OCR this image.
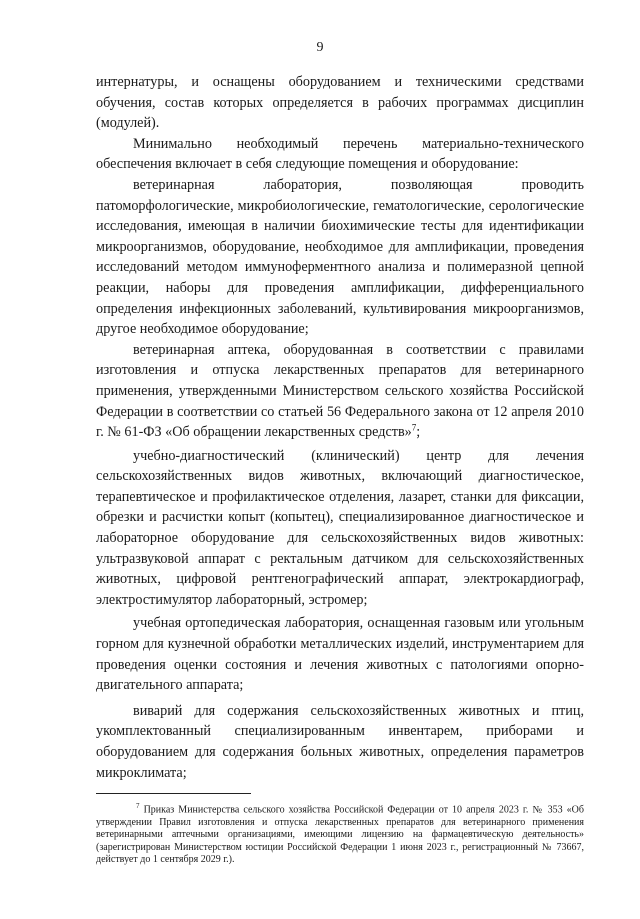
9

интернатуры, и оснащены оборудованием и техническими средствами обучения, состав которых определяется в рабочих программах дисциплин (модулей).

Минимально необходимый перечень материально-технического обеспечения включает в себя следующие помещения и оборудование:

ветеринарная лаборатория, позволяющая проводить патоморфологические, микробиологические, гематологические, серологические исследования, имеющая в наличии биохимические тесты для идентификации микроорганизмов, оборудование, необходимое для амплификации, проведения исследований методом иммуноферментного анализа и полимеразной цепной реакции, наборы для проведения амплификации, дифференциального определения инфекционных заболеваний, культивирования микроорганизмов, другое необходимое оборудование;

ветеринарная аптека, оборудованная в соответствии с правилами изготовления и отпуска лекарственных препаратов для ветеринарного применения, утвержденными Министерством сельского хозяйства Российской Федерации в соответствии со статьей 56 Федерального закона от 12 апреля 2010 г. № 61-ФЗ «Об обращении лекарственных средств»$^7$;

учебно-диагностический (клинический) центр для лечения сельскохозяйственных видов животных, включающий диагностическое, терапевтическое и профилактическое отделения, лазарет, станки для фиксации, обрезки и расчистки копыт (копытец), специализированное диагностическое и лабораторное оборудование для сельскохозяйственных видов животных: ультразвуковой аппарат с ректальным датчиком для сельскохозяйственных животных, цифровой рентгенографический аппарат, электрокардиограф, электростимулятор лабораторный, эстромер;

учебная ортопедическая лаборатория, оснащенная газовым или угольным горном для кузнечной обработки металлических изделий, инструментарием для проведения оценки состояния и лечения животных с патологиями опорно-двигательного аппарата;

виварий для содержания сельскохозяйственных животных и птиц, укомплектованный специализированным инвентарем, приборами и оборудованием для содержания больных животных, определения параметров микроклимата;

$^7$ Приказ Министерства сельского хозяйства Российской Федерации от 10 апреля 2023 г. № 353 «Об утверждении Правил изготовления и отпуска лекарственных препаратов для ветеринарного применения ветеринарными аптечными организациями, имеющими лицензию на фармацевтическую деятельность» (зарегистрирован Министерством юстиции Российской Федерации 1 июня 2023 г., регистрационный № 73667, действует до 1 сентября 2029 г.).
